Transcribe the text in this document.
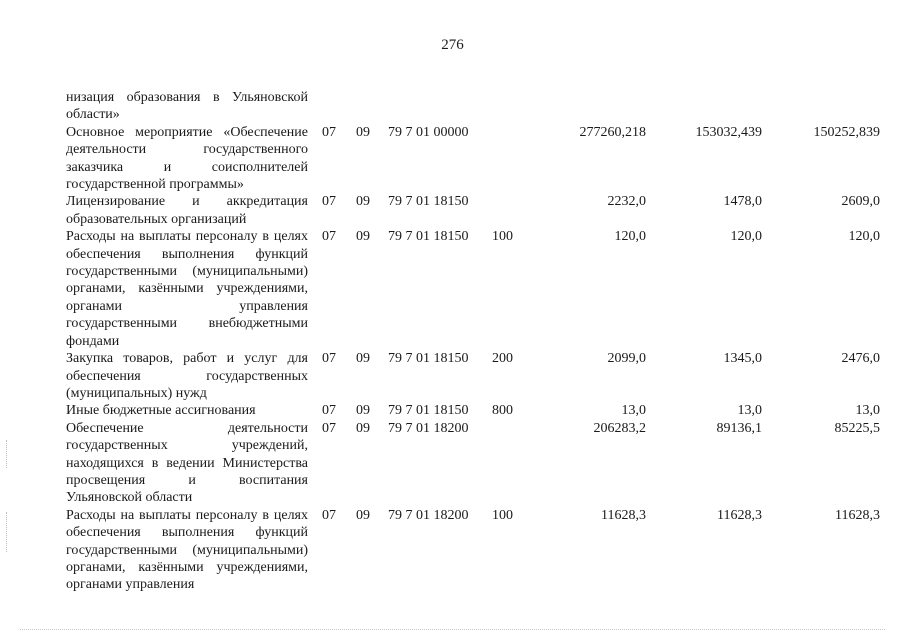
276
низация образования в Ульяновской области»							

Основное мероприятие «Обеспечение деятельности государственного заказчика и соисполнителей государственной программы»	07	09	79 7 01 00000		277260,218	153032,439	150252,839

Лицензирование и аккредитация образовательных организаций	07	09	79 7 01 18150		2232,0	1478,0	2609,0

Расходы на выплаты персоналу в целях обеспечения выполнения функций государственными (муниципальными) органами, казёнными учреждениями, органами управления государственными внебюджетными фондами	07	09	79 7 01 18150	100	120,0	120,0	120,0

Закупка товаров, работ и услуг для обеспечения государственных (муниципальных) нужд	07	09	79 7 01 18150	200	2099,0	1345,0	2476,0

Иные бюджетные ассигнования	07	09	79 7 01 18150	800	13,0	13,0	13,0

Обеспечение деятельности государственных учреждений, находящихся в ведении Министерства просвещения и воспитания Ульяновской области	07	09	79 7 01 18200		206283,2	89136,1	85225,5

Расходы на выплаты персоналу в целях обеспечения выполнения функций государственными (муниципальными) органами, казёнными учреждениями, органами управления	07	09	79 7 01 18200	100	11628,3	11628,3	11628,3
